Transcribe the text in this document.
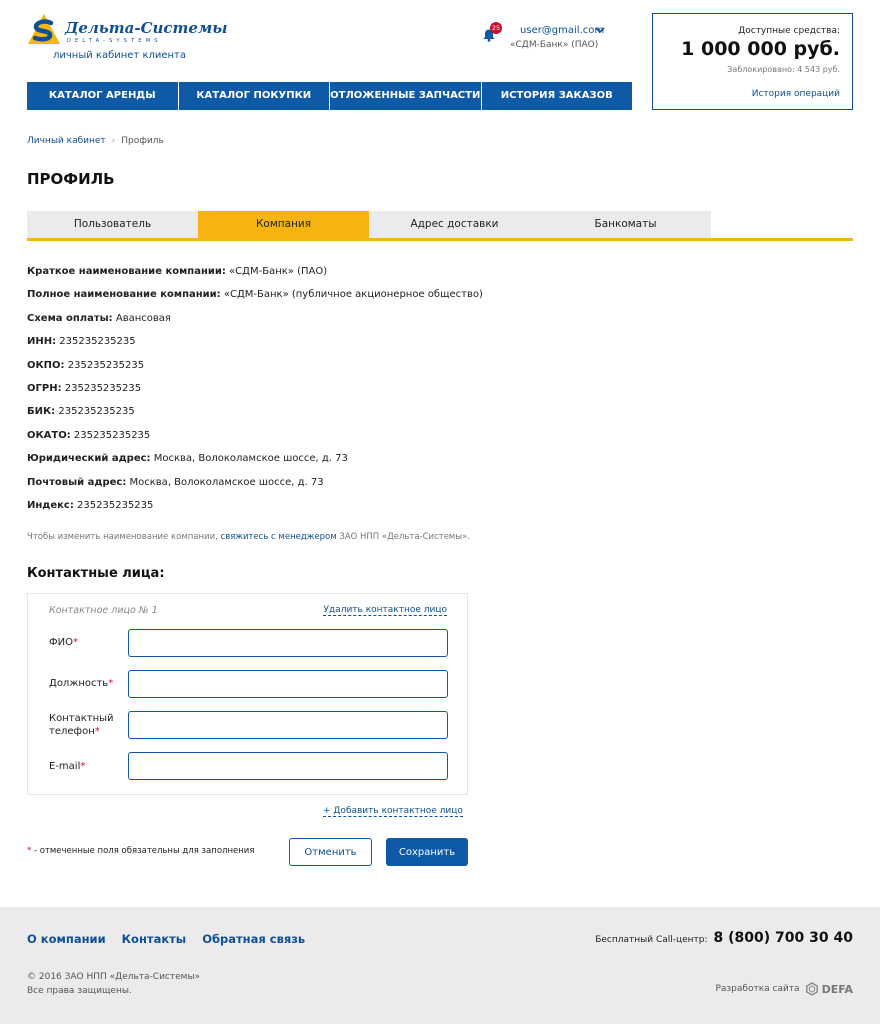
Дельта-Системы
DELTA-SYSTEMS
личный кабинет клиента
25 user@gmail.com
«СДМ-Банк» (ПАО)
Доступные средства:
1 000 000 руб.
Заблокировано: 4 543 руб.
История операций
КАТАЛОГ АРЕНДЫ	КАТАЛОГ ПОКУПКИ	ОТЛОЖЕННЫЕ ЗАПЧАСТИ	ИСТОРИЯ ЗАКАЗОВ
Личный кабинет › Профиль
ПРОФИЛЬ
Пользователь	Компания	Адрес доставки	Банкоматы
Краткое наименование компании: «СДМ-Банк» (ПАО)
Полное наименование компании: «СДМ-Банк» (публичное акционерное общество)
Схема оплаты: Авансовая
ИНН: 235235235235
ОКПО: 235235235235
ОГРН: 235235235235
БИК: 235235235235
ОКАТО: 235235235235
Юридический адрес: Москва, Волоколамское шоссе, д. 73
Почтовый адрес: Москва, Волоколамское шоссе, д. 73
Индекс: 235235235235
Чтобы изменить наименование компании, свяжитесь с менеджером ЗАО НПП «Дельта-Системы».
Контактные лица:
Контактное лицо № 1	Удалить контактное лицо
ФИО*
Должность*
Контактный
телефон*
E-mail*
+ Добавить контактное лицо
* - отмеченные поля обязательны для заполнения	Отменить	Сохранить
О компании Контакты Обратная связь	Бесплатный Call-центр: 8 (800) 700 30 40
© 2016 ЗАО НПП «Дельта-Системы»
Все права защищены.	Разработка сайта DEFA
